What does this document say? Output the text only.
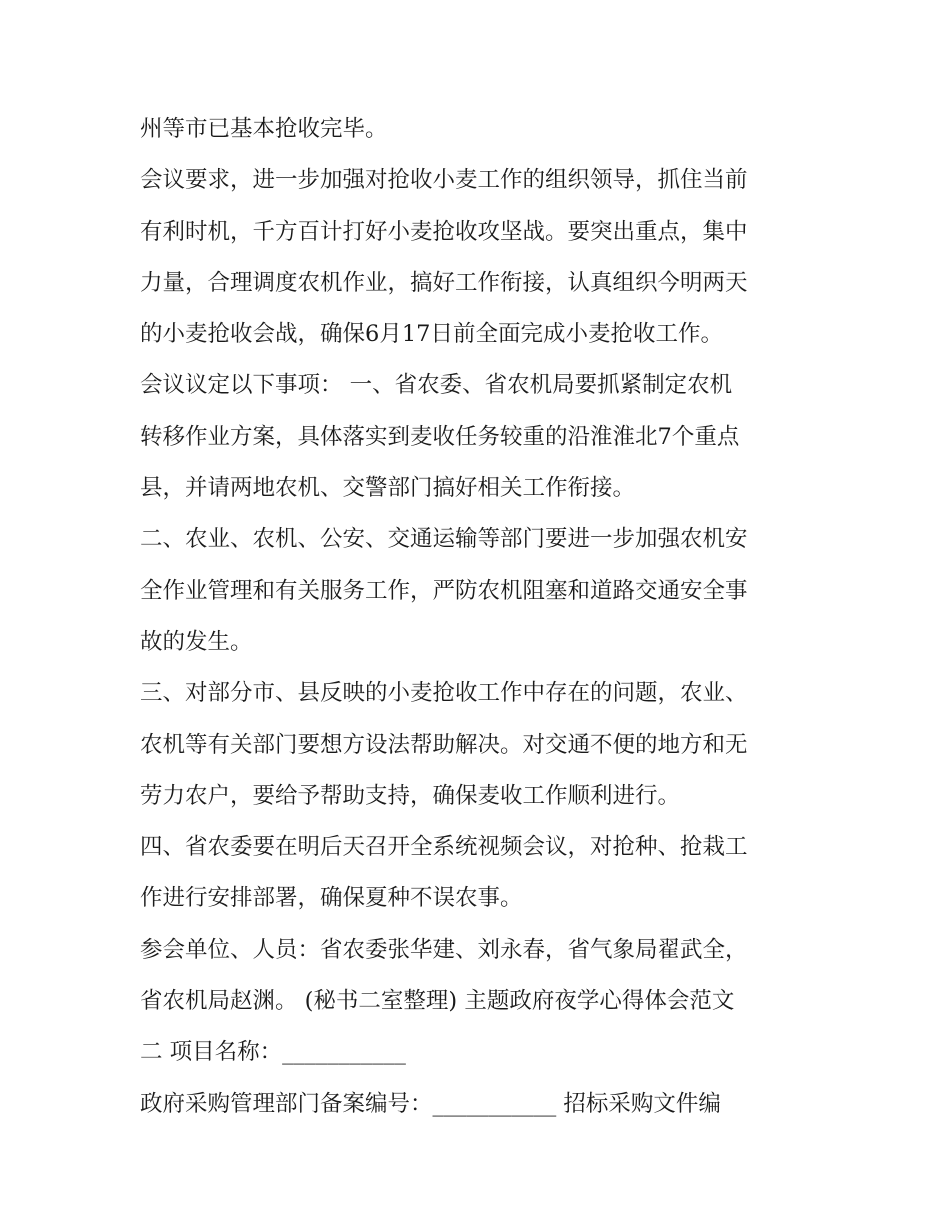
州等市已基本抢收完毕。
会议要求，进一步加强对抢收小麦工作的组织领导，抓住当前
有利时机，千方百计打好小麦抢收攻坚战。要突出重点，集中
力量，合理调度农机作业，搞好工作衔接，认真组织今明两天
的小麦抢收会战，确保6月17日前全面完成小麦抢收工作。
会议议定以下事项： 一、省农委、省农机局要抓紧制定农机
转移作业方案，具体落实到麦收任务较重的沿淮淮北7个重点
县，并请两地农机、交警部门搞好相关工作衔接。
二、农业、农机、公安、交通运输等部门要进一步加强农机安
全作业管理和有关服务工作，严防农机阻塞和道路交通安全事
故的发生。
三、对部分市、县反映的小麦抢收工作中存在的问题，农业、
农机等有关部门要想方设法帮助解决。对交通不便的地方和无
劳力农户，要给予帮助支持，确保麦收工作顺利进行。
四、省农委要在明后天召开全系统视频会议，对抢种、抢栽工
作进行安排部署，确保夏种不误农事。
参会单位、人员：省农委张华建、刘永春，省气象局翟武全，
省农机局赵渊。 (秘书二室整理) 主题政府夜学心得体会范文
二 项目名称：___________
政府采购管理部门备案编号：___________ 招标采购文件编
